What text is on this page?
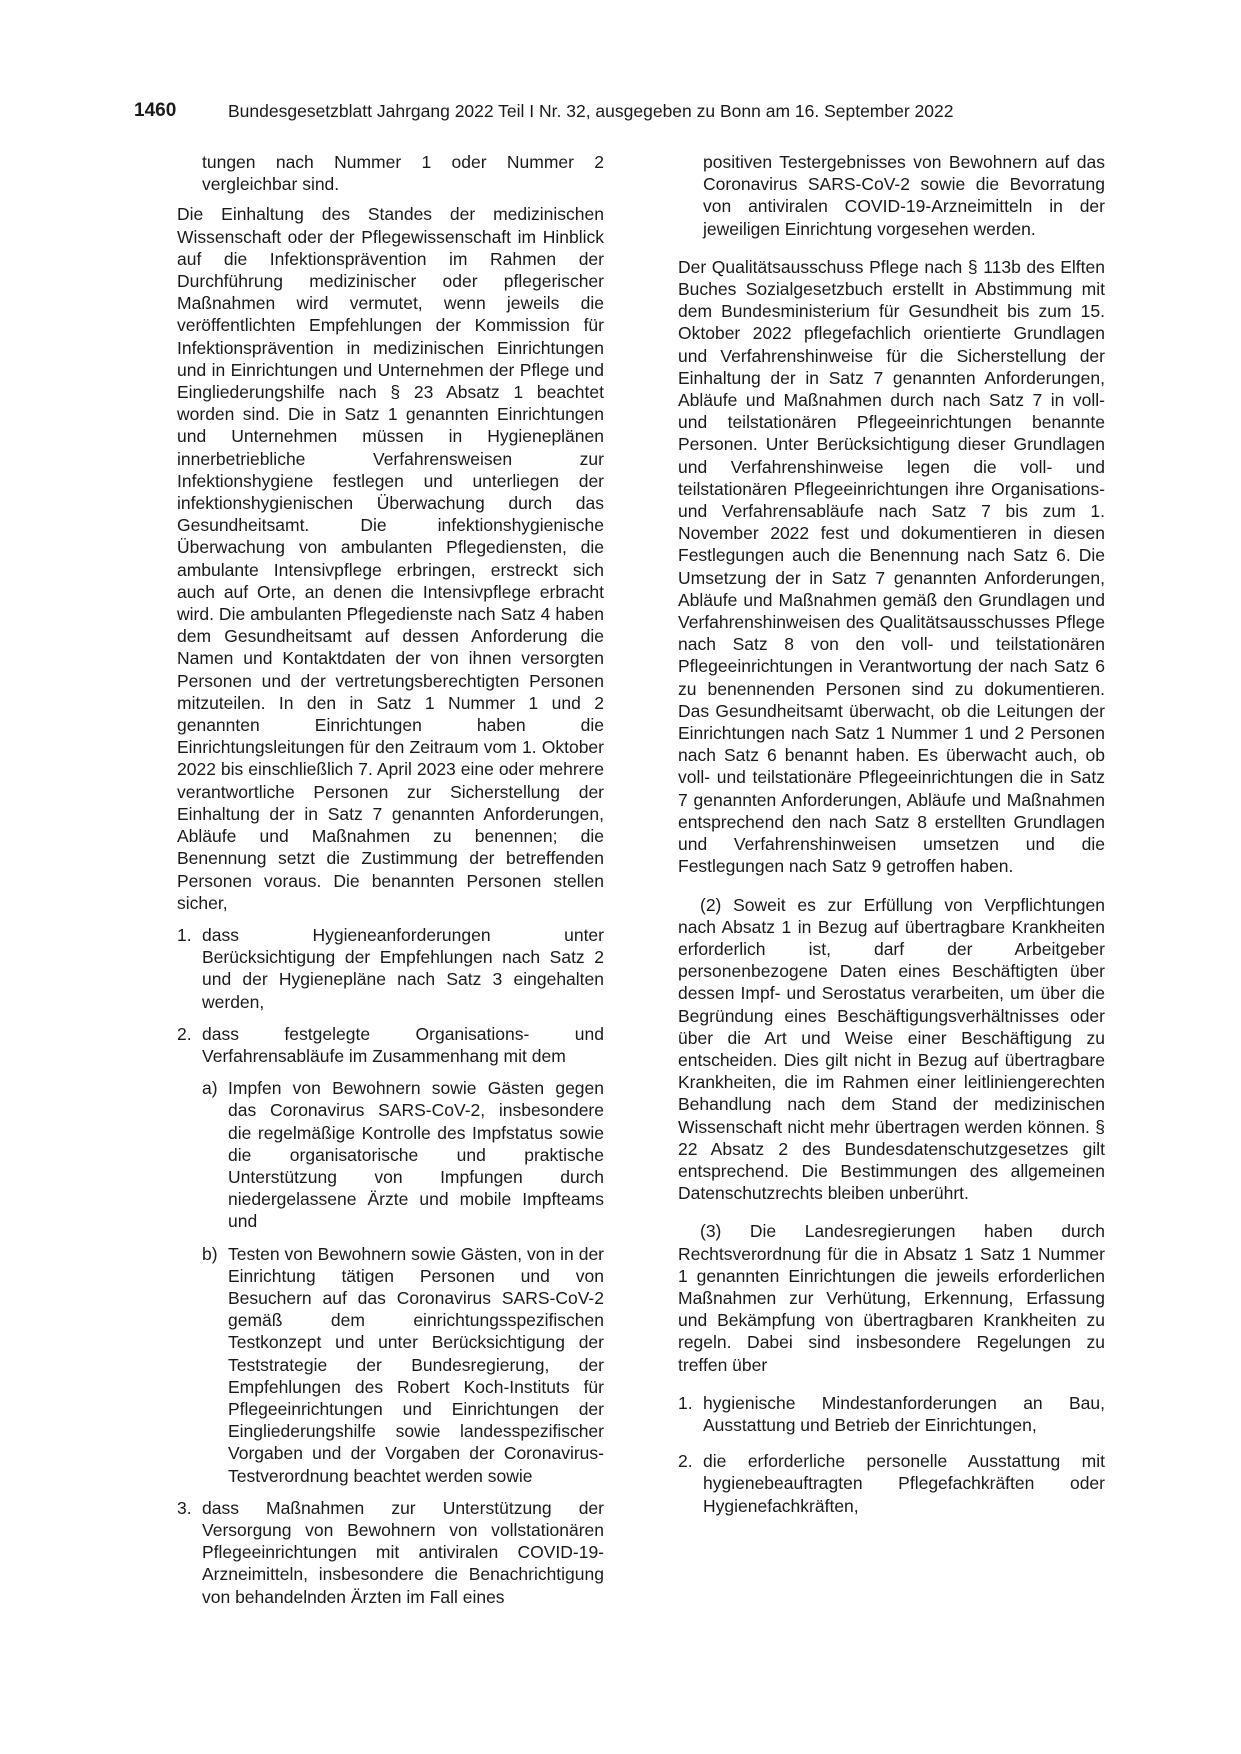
1460	Bundesgesetzblatt Jahrgang 2022 Teil I Nr. 32, ausgegeben zu Bonn am 16. September 2022

tungen nach Nummer 1 oder Nummer 2 vergleichbar sind.

Die Einhaltung des Standes der medizinischen Wissenschaft oder der Pflegewissenschaft im Hinblick auf die Infektionsprävention im Rahmen der Durchführung medizinischer oder pflegerischer Maßnahmen wird vermutet, wenn jeweils die veröffentlichten Empfehlungen der Kommission für Infektionsprävention in medizinischen Einrichtungen und in Einrichtungen und Unternehmen der Pflege und Eingliederungshilfe nach § 23 Absatz 1 beachtet worden sind. Die in Satz 1 genannten Einrichtungen und Unternehmen müssen in Hygieneplänen innerbetriebliche Verfahrensweisen zur Infektionshygiene festlegen und unterliegen der infektionshygienischen Überwachung durch das Gesundheitsamt. Die infektionshygienische Überwachung von ambulanten Pflegediensten, die ambulante Intensivpflege erbringen, erstreckt sich auch auf Orte, an denen die Intensivpflege erbracht wird. Die ambulanten Pflegedienste nach Satz 4 haben dem Gesundheitsamt auf dessen Anforderung die Namen und Kontaktdaten der von ihnen versorgten Personen und der vertretungsberechtigten Personen mitzuteilen. In den in Satz 1 Nummer 1 und 2 genannten Einrichtungen haben die Einrichtungsleitungen für den Zeitraum vom 1. Oktober 2022 bis einschließlich 7. April 2023 eine oder mehrere verantwortliche Personen zur Sicherstellung der Einhaltung der in Satz 7 genannten Anforderungen, Abläufe und Maßnahmen zu benennen; die Benennung setzt die Zustimmung der betreffenden Personen voraus. Die benannten Personen stellen sicher,

1. dass Hygieneanforderungen unter Berücksichtigung der Empfehlungen nach Satz 2 und der Hygienepläne nach Satz 3 eingehalten werden,
2. dass festgelegte Organisations- und Verfahrensabläufe im Zusammenhang mit dem
a) Impfen von Bewohnern sowie Gästen gegen das Coronavirus SARS-CoV-2, insbesondere die regelmäßige Kontrolle des Impfstatus sowie die organisatorische und praktische Unterstützung von Impfungen durch niedergelassene Ärzte und mobile Impfteams und
b) Testen von Bewohnern sowie Gästen, von in der Einrichtung tätigen Personen und von Besuchern auf das Coronavirus SARS-CoV-2 gemäß dem einrichtungsspezifischen Testkonzept und unter Berücksichtigung der Teststrategie der Bundesregierung, der Empfehlungen des Robert Koch-Instituts für Pflegeeinrichtungen und Einrichtungen der Eingliederungshilfe sowie landesspezifischer Vorgaben und der Vorgaben der Coronavirus-Testverordnung beachtet werden sowie
3. dass Maßnahmen zur Unterstützung der Versorgung von Bewohnern von vollstationären Pflegeeinrichtungen mit antiviralen COVID-19-Arzneimitteln, insbesondere die Benachrichtigung von behandelnden Ärzten im Fall eines

positiven Testergebnisses von Bewohnern auf das Coronavirus SARS-CoV-2 sowie die Bevorratung von antiviralen COVID-19-Arzneimitteln in der jeweiligen Einrichtung vorgesehen werden.

Der Qualitätsausschuss Pflege nach § 113b des Elften Buches Sozialgesetzbuch erstellt in Abstimmung mit dem Bundesministerium für Gesundheit bis zum 15. Oktober 2022 pflegefachlich orientierte Grundlagen und Verfahrenshinweise für die Sicherstellung der Einhaltung der in Satz 7 genannten Anforderungen, Abläufe und Maßnahmen durch nach Satz 7 in voll- und teilstationären Pflegeeinrichtungen benannte Personen. Unter Berücksichtigung dieser Grundlagen und Verfahrenshinweise legen die voll- und teilstationären Pflegeeinrichtungen ihre Organisations- und Verfahrensabläufe nach Satz 7 bis zum 1. November 2022 fest und dokumentieren in diesen Festlegungen auch die Benennung nach Satz 6. Die Umsetzung der in Satz 7 genannten Anforderungen, Abläufe und Maßnahmen gemäß den Grundlagen und Verfahrenshinweisen des Qualitätsausschusses Pflege nach Satz 8 von den voll- und teilstationären Pflegeeinrichtungen in Verantwortung der nach Satz 6 zu benennenden Personen sind zu dokumentieren. Das Gesundheitsamt überwacht, ob die Leitungen der Einrichtungen nach Satz 1 Nummer 1 und 2 Personen nach Satz 6 benannt haben. Es überwacht auch, ob voll- und teilstationäre Pflegeeinrichtungen die in Satz 7 genannten Anforderungen, Abläufe und Maßnahmen entsprechend den nach Satz 8 erstellten Grundlagen und Verfahrenshinweisen umsetzen und die Festlegungen nach Satz 9 getroffen haben.

(2) Soweit es zur Erfüllung von Verpflichtungen nach Absatz 1 in Bezug auf übertragbare Krankheiten erforderlich ist, darf der Arbeitgeber personenbezogene Daten eines Beschäftigten über dessen Impf- und Serostatus verarbeiten, um über die Begründung eines Beschäftigungsverhältnisses oder über die Art und Weise einer Beschäftigung zu entscheiden. Dies gilt nicht in Bezug auf übertragbare Krankheiten, die im Rahmen einer leitliniengerechten Behandlung nach dem Stand der medizinischen Wissenschaft nicht mehr übertragen werden können. § 22 Absatz 2 des Bundesdatenschutzgesetzes gilt entsprechend. Die Bestimmungen des allgemeinen Datenschutzrechts bleiben unberührt.

(3) Die Landesregierungen haben durch Rechtsverordnung für die in Absatz 1 Satz 1 Nummer 1 genannten Einrichtungen die jeweils erforderlichen Maßnahmen zur Verhütung, Erkennung, Erfassung und Bekämpfung von übertragbaren Krankheiten zu regeln. Dabei sind insbesondere Regelungen zu treffen über

1. hygienische Mindestanforderungen an Bau, Ausstattung und Betrieb der Einrichtungen,
2. die erforderliche personelle Ausstattung mit hygienebeauftragten Pflegefachkräften oder Hygienefachkräften,
